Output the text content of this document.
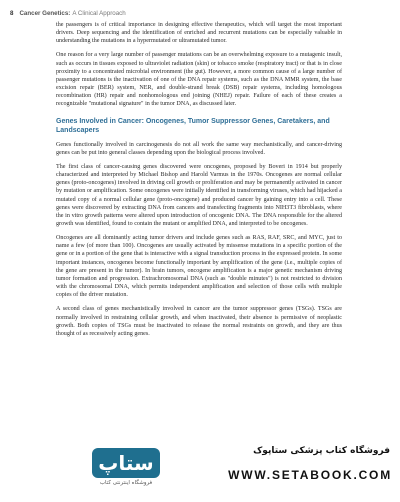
8 Cancer Genetics: A Clinical Approach

the passengers is of critical importance in designing effective therapeutics, which will target the most important drivers. Deep sequencing and the identification of enriched and recurrent mutations can be especially valuable in understanding the mutations in a hypermutated or ultramutated tumor.

One reason for a very large number of passenger mutations can be an overwhelming exposure to a mutagenic insult, such as occurs in tissues exposed to ultraviolet radiation (skin) or tobacco smoke (respiratory tract) or that is in close proximity to a concentrated microbial environment (the gut). However, a more common cause of a large number of passenger mutations is the inactivation of one of the DNA repair systems, such as the DNA MMR system, the base excision repair (BER) system, NER, and double-strand break (DSB) repair systems, including homologous recombination (HR) repair and nonhomologous end joining (NHEJ) repair. Failure of each of these creates a recognizable "mutational signature" in the tumor DNA, as discussed later.

Genes Involved in Cancer: Oncogenes, Tumor Suppressor Genes, Caretakers, and Landscapers

Genes functionally involved in carcinogenesis do not all work the same way mechanistically, and cancer-driving genes can be put into general classes depending upon the biological process involved.

The first class of cancer-causing genes discovered were oncogenes, proposed by Boveri in 1914 but properly characterized and interpreted by Michael Bishop and Harold Varmus in the 1970s. Oncogenes are normal cellular genes (proto-oncogenes) involved in driving cell growth or proliferation and may be permanently activated in cancer by mutation or amplification. Some oncogenes were initially identified in transforming viruses, which had hijacked a mutated copy of a normal cellular gene (proto-oncogene) and produced cancer by gaining entry into a cell. These genes were discovered by extracting DNA from cancers and transfecting fragments into NIH3T3 fibroblasts, where the in vitro growth patterns were altered upon introduction of oncogenic DNA. The DNA responsible for the altered growth was identified, found to contain the mutant or amplified DNA, and interpreted to be oncogenes.

Oncogenes are all dominantly acting tumor drivers and include genes such as RAS, RAF, SRC, and MYC, just to name a few (of more than 100). Oncogenes are usually activated by missense mutations in a specific portion of the gene or in a portion of the gene that is interactive with a signal transduction process in the expressed protein. In some important instances, oncogenes become functionally important by amplification of the gene (i.e., multiple copies of the gene are present in the tumor). In brain tumors, oncogene amplification is a major genetic mechanism driving tumor formation and progression. Extrachromosomal DNA (such as "double minutes") is not restricted to division with the chromosomal DNA, which permits independent amplification and selection of those cells with multiple copies of the driver mutation.

A second class of genes mechanistically involved in cancer are the tumor suppressor genes (TSGs). TSGs are normally involved in restraining cellular growth, and when inactivated, their absence is permissive of neoplastic growth. Both copies of TSGs must be inactivated to release the normal restraints on growth, and they are thus thought of as recessively acting genes.

ستاپ
فروشگاه اینترنتی کتاب
فروشگاه کتاب پزشکی ستاپوک
WWW.SETABOOK.COM
